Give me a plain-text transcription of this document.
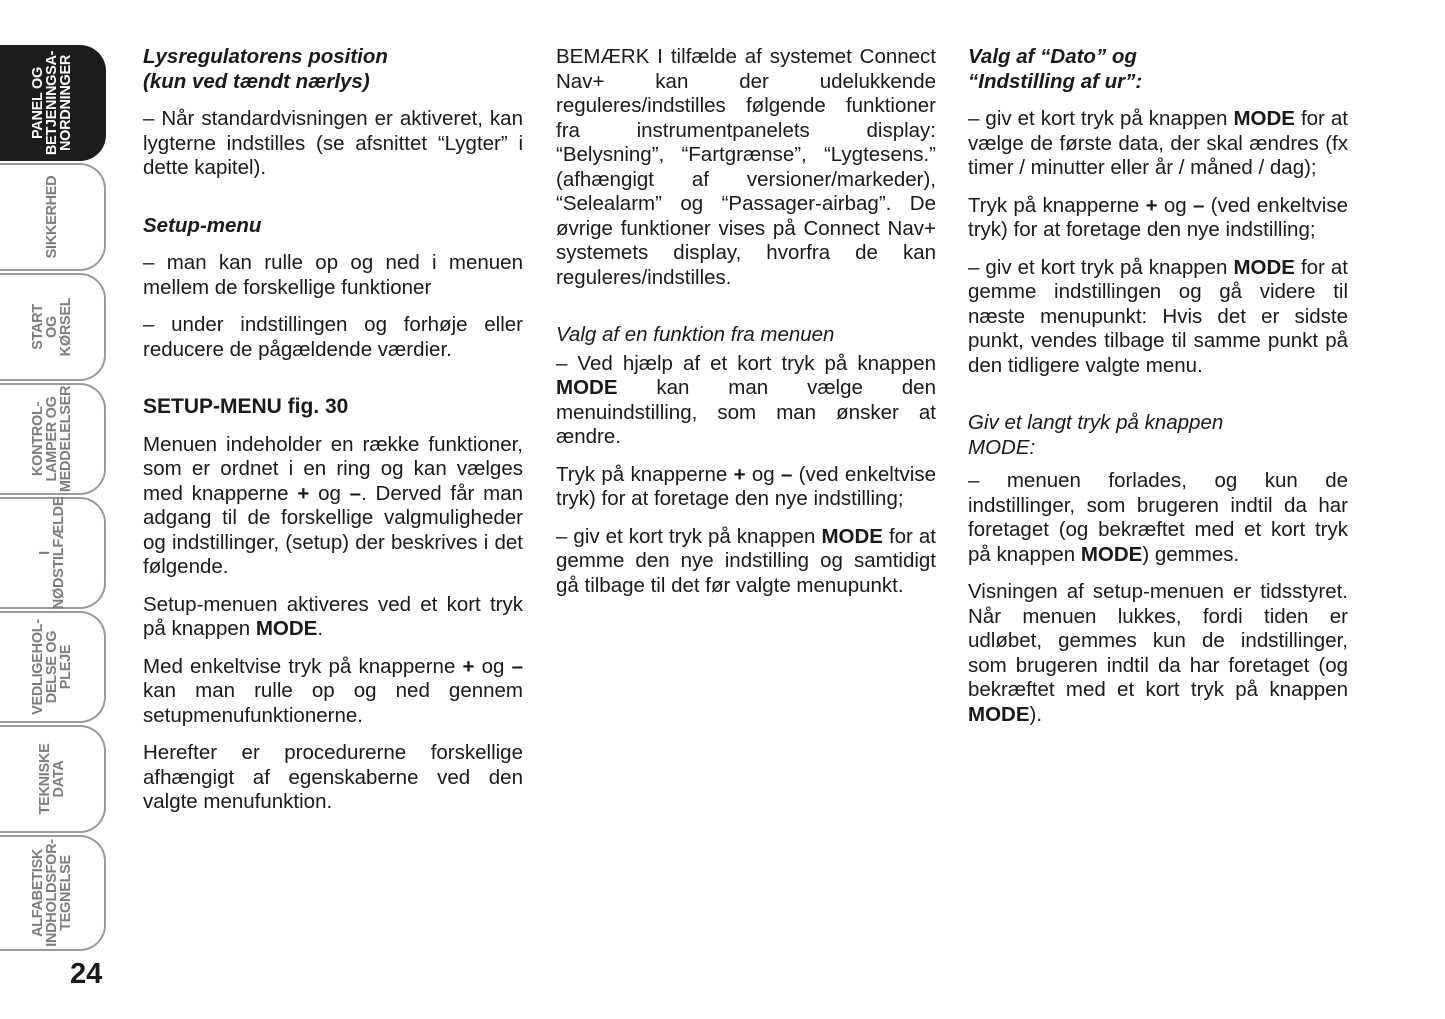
PANEL OG
BETJENINGSA-
NORDNINGER
SIKKERHED
START OG
KØRSEL
KONTROL-
LAMPER OG
MEDDELELSER
I
NØDSTILFÆLDE
VEDLIGEHOL-
DELSE OG PLEJE
TEKNISKE DATA
ALFABETISK
INDHOLDSFOR-
TEGNELSE
24
Lysregulatorens position
(kun ved tændt nærlys)

– Når standardvisningen er aktiveret, kan lygterne indstilles (se afsnittet “Lygter” i dette kapitel).

Setup-menu

– man kan rulle op og ned i menuen mellem de forskellige funktioner

– under indstillingen og forhøje eller reducere de pågældende værdier.

SETUP-MENU fig. 30

Menuen indeholder en række funktioner, som er ordnet i en ring og kan vælges med knapperne + og –. Derved får man adgang til de forskellige valgmuligheder og indstillinger, (setup) der beskrives i det følgende.

Setup-menuen aktiveres ved et kort tryk på knappen MODE.

Med enkeltvise tryk på knapperne + og – kan man rulle op og ned gennem setupmenufunktionerne.

Herefter er procedurerne forskellige afhængigt af egenskaberne ved den valgte menufunktion.

BEMÆRK I tilfælde af systemet Connect Nav+ kan der udelukkende reguleres/indstilles følgende funktioner fra instrumentpanelets display: “Belysning”, “Fartgrænse”, “Lygtesens.” (afhængigt af versioner/markeder), “Selealarm” og “Passager-airbag”. De øvrige funktioner vises på Connect Nav+ systemets display, hvorfra de kan reguleres/indstilles.

Valg af en funktion fra menuen

– Ved hjælp af et kort tryk på knappen MODE kan man vælge den menuindstilling, som man ønsker at ændre.

Tryk på knapperne + og – (ved enkeltvise tryk) for at foretage den nye indstilling;

– giv et kort tryk på knappen MODE for at gemme den nye indstilling og samtidigt gå tilbage til det før valgte menupunkt.

Valg af “Dato” og
“Indstilling af ur”:

– giv et kort tryk på knappen MODE for at vælge de første data, der skal ændres (fx timer / minutter eller år / måned / dag);

Tryk på knapperne + og – (ved enkeltvise tryk) for at foretage den nye indstilling;

– giv et kort tryk på knappen MODE for at gemme indstillingen og gå videre til næste menupunkt: Hvis det er sidste punkt, vendes tilbage til samme punkt på den tidligere valgte menu.

Giv et langt tryk på knappen
MODE:

– menuen forlades, og kun de indstillinger, som brugeren indtil da har foretaget (og bekræftet med et kort tryk på knappen MODE) gemmes.

Visningen af setup-menuen er tidsstyret. Når menuen lukkes, fordi tiden er udløbet, gemmes kun de indstillinger, som brugeren indtil da har foretaget (og bekræftet med et kort tryk på knappen MODE).
